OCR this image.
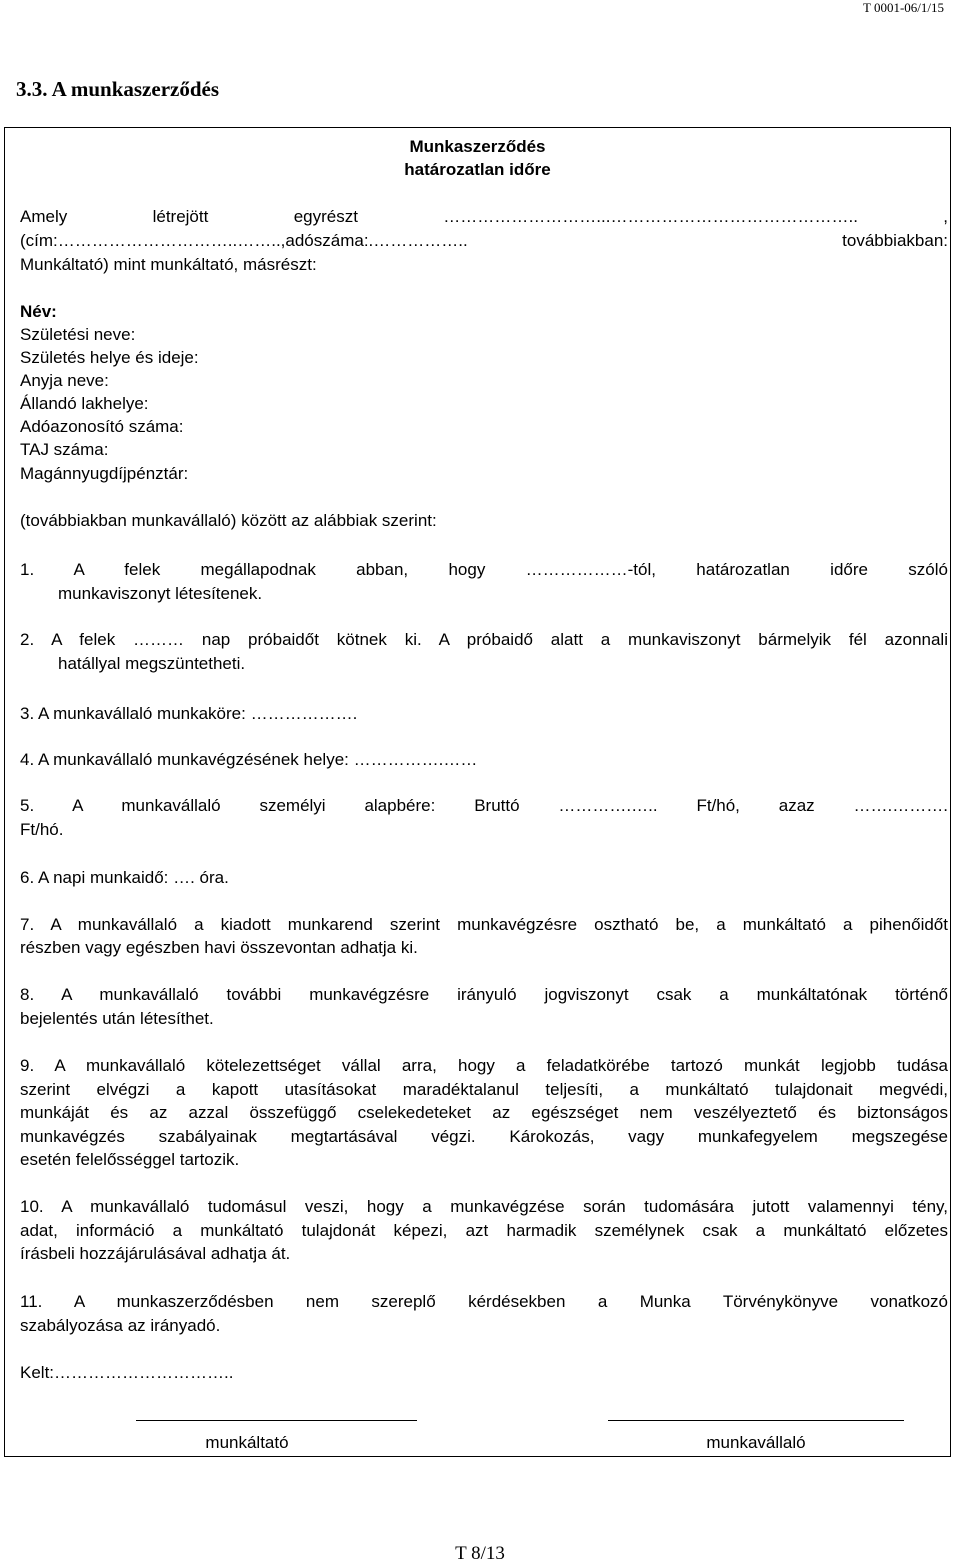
T 0001-06/1/15
3.3. A munkaszerződés
Munkaszerződés
határozatlan időre
Amely létrejött egyrészt ………………………...…………………………………….. ,
(cím:…………………………..……..,adószáma:.…………….. továbbiakban:
Munkáltató) mint munkáltató, másrészt:
Név:
Születési neve:
Születés helye és ideje:
Anyja neve:
Állandó lakhelye:
Adóazonosító száma:
TAJ száma:
Magánnyugdíjpénztár:
(továbbiakban munkavállaló) között az alábbiak szerint:
1. A felek megállapodnak abban, hogy ………………-tól, határozatlan időre szóló
munkaviszonyt létesítenek.
2. A felek ……… nap próbaidőt kötnek ki. A próbaidő alatt a munkaviszonyt bármelyik fél azonnali
hatállyal megszüntetheti.
3. A munkavállaló munkaköre: ……………….
4. A munkavállaló munkavégzésének helye: …………….……
5. A munkavállaló személyi alapbére: Bruttó ………….….. Ft/hó, azaz …….……….
Ft/hó.
6. A napi munkaidő: …. óra.
7. A munkavállaló a kiadott munkarend szerint munkavégzésre osztható be, a munkáltató a pihenőidőt
részben vagy egészben havi összevontan adhatja ki.
8. A munkavállaló további munkavégzésre irányuló jogviszonyt csak a munkáltatónak történő
bejelentés után létesíthet.
9. A munkavállaló kötelezettséget vállal arra, hogy a feladatkörébe tartozó munkát legjobb tudása
szerint elvégzi a kapott utasításokat maradéktalanul teljesíti, a munkáltató tulajdonait megvédi,
munkáját és az azzal összefüggő cselekedeteket az egészséget nem veszélyeztető és biztonságos
munkavégzés szabályainak megtartásával végzi. Károkozás, vagy munkafegyelem megszegése
esetén felelősséggel tartozik.
10. A munkavállaló tudomásul veszi, hogy a munkavégzése során tudomására jutott valamennyi tény,
adat, információ a munkáltató tulajdonát képezi, azt harmadik személynek csak a munkáltató előzetes
írásbeli hozzájárulásával adhatja át.
11. A munkaszerződésben nem szereplő kérdésekben a Munka Törvénykönyve vonatkozó
szabályozása az irányadó.
Kelt:…………………………..
munkáltató	munkavállaló
T 8/13
